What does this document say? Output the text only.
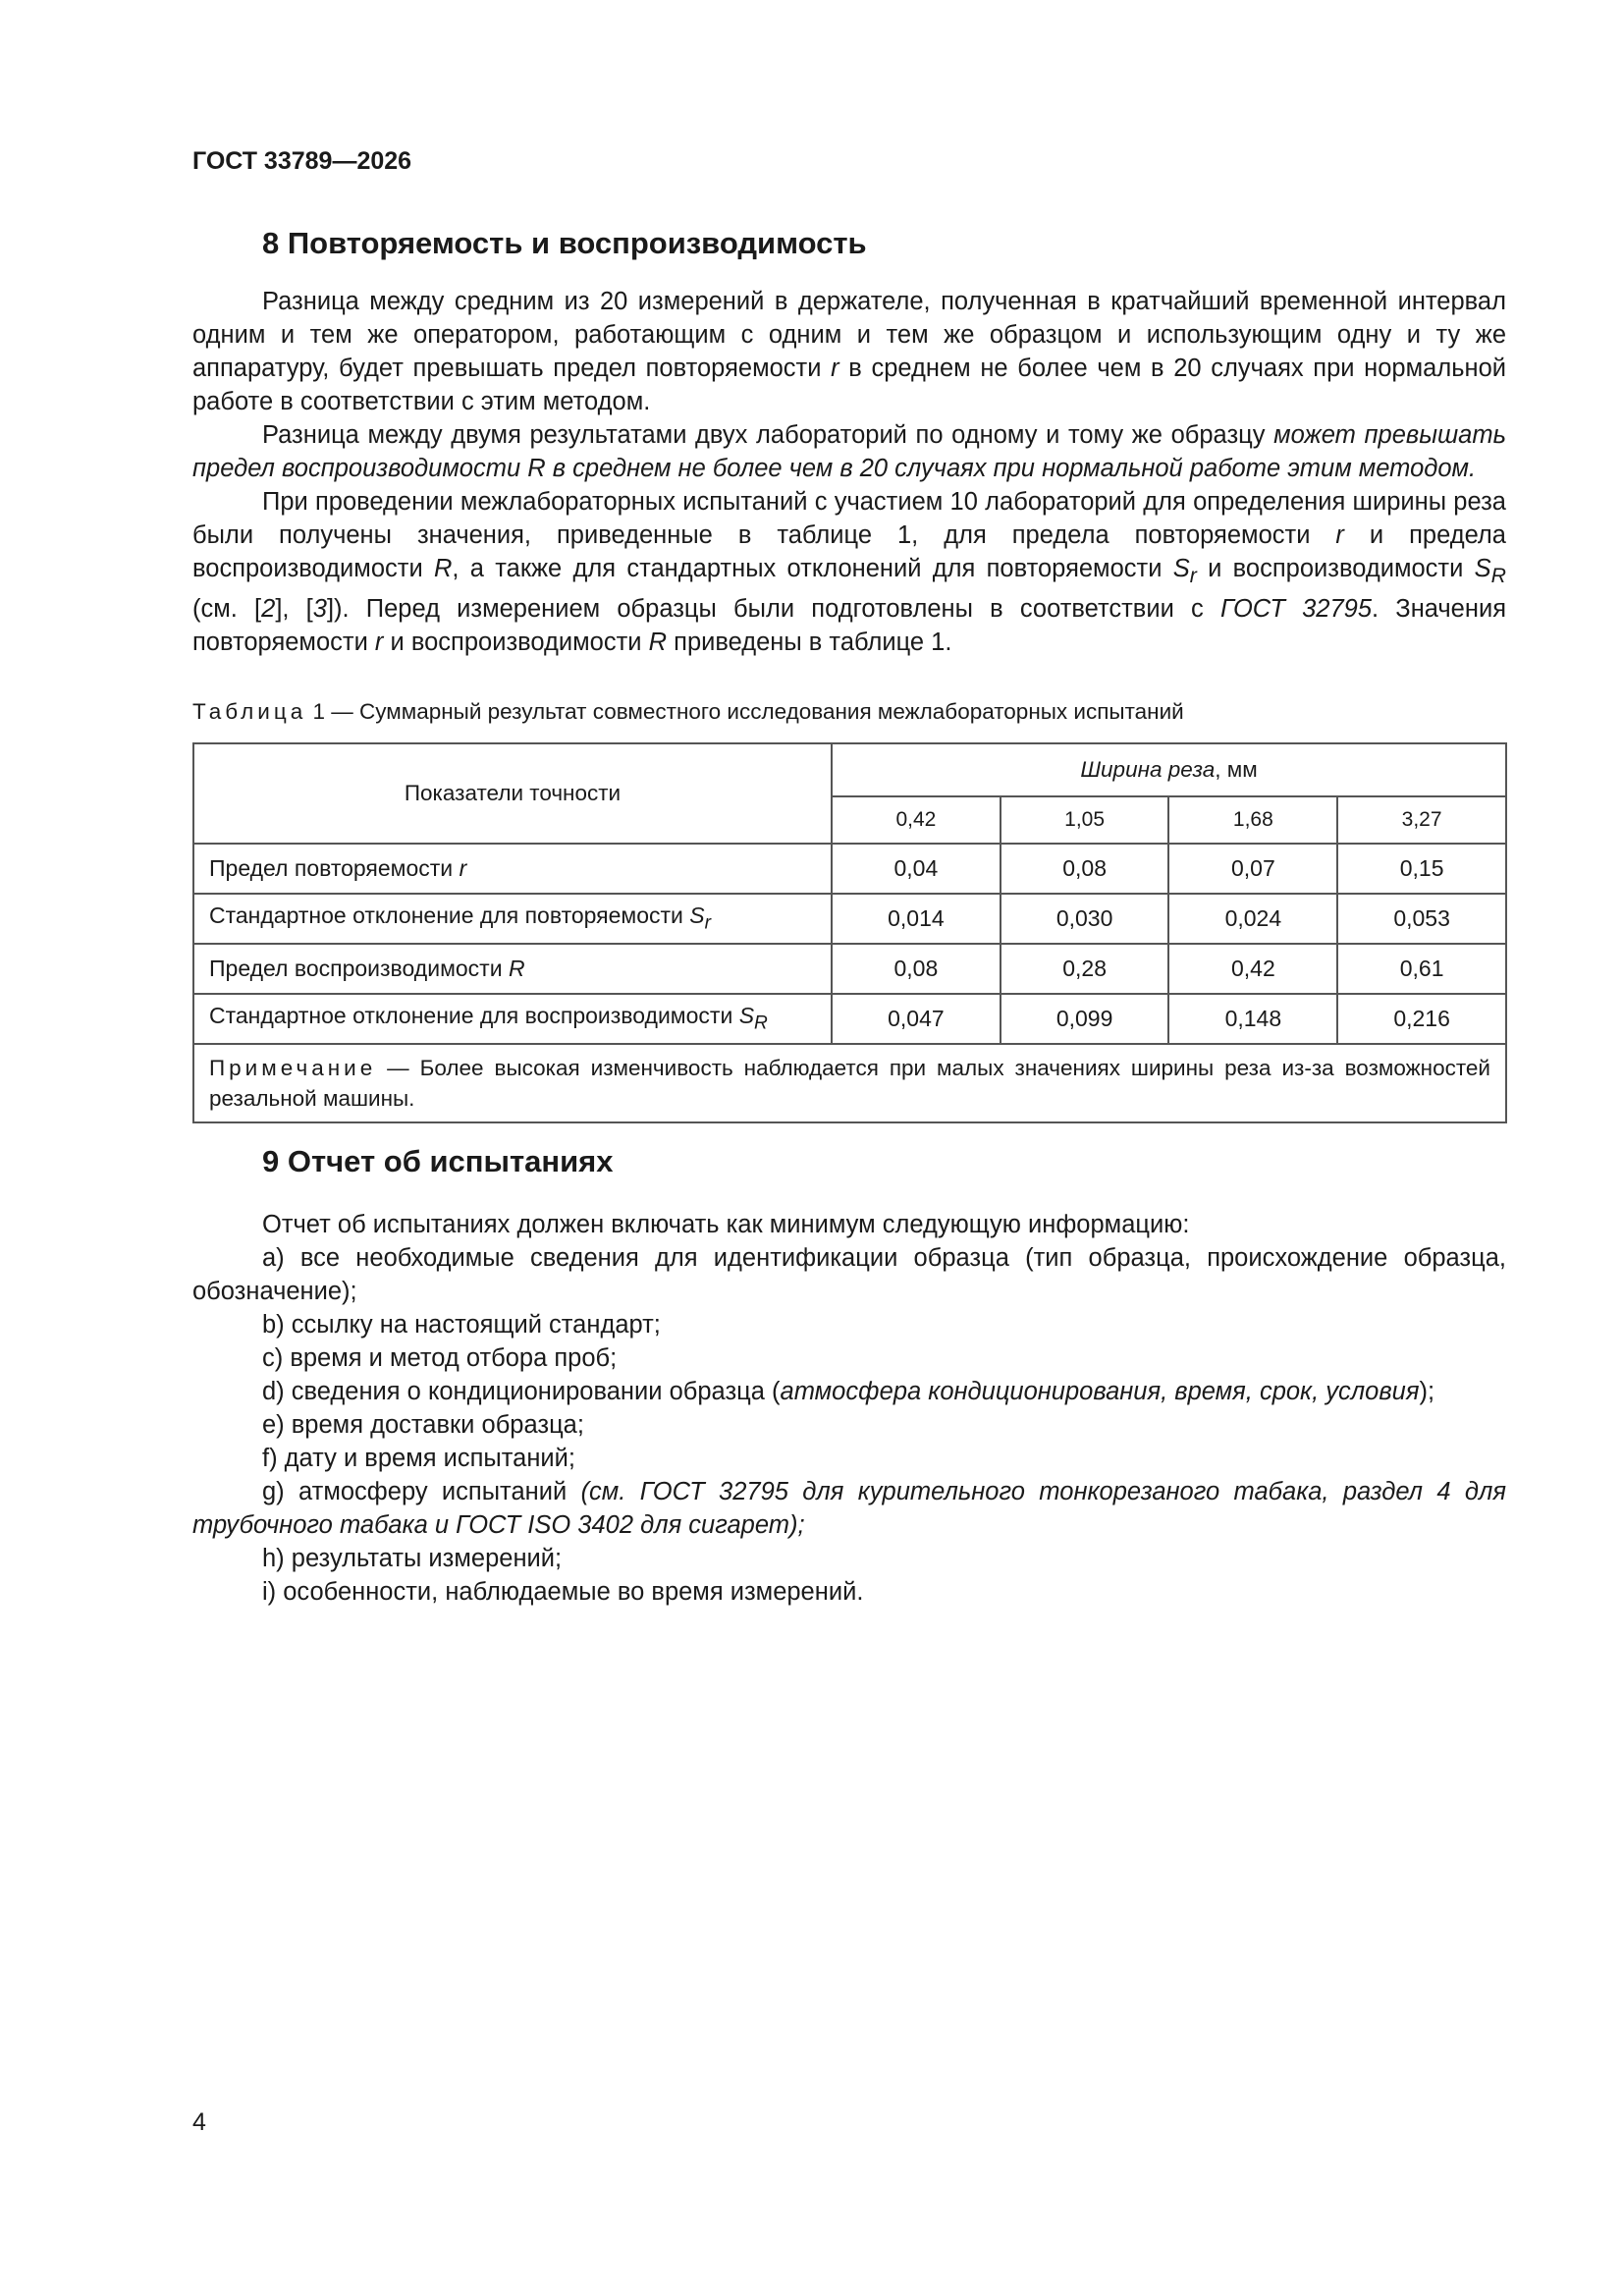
ГОСТ 33789—2026

8 Повторяемость и воспроизводимость

Разница между средним из 20 измерений в держателе, полученная в кратчайший временной интервал одним и тем же оператором, работающим с одним и тем же образцом и использующим одну и ту же аппаратуру, будет превышать предел повторяемости r в среднем не более чем в 20 случаях при нормальной работе в соответствии с этим методом.

Разница между двумя результатами двух лабораторий по одному и тому же образцу может превышать предел воспроизводимости R в среднем не более чем в 20 случаях при нормальной работе этим методом.

При проведении межлабораторных испытаний с участием 10 лабораторий для определения ширины реза были получены значения, приведенные в таблице 1, для предела повторяемости r и предела воспроизводимости R, а также для стандартных отклонений для повторяемости $S_r$ и воспроизводимости $S_R$ (см. [2], [3]). Перед измерением образцы были подготовлены в соответствии с ГОСТ 32795. Значения повторяемости r и воспроизводимости R приведены в таблице 1.

Таблица 1 — Суммарный результат совместного исследования межлабораторных испытаний

Показатели точности	Ширина реза, мм			
	0,42	1,05	1,68	3,27
Предел повторяемости r	0,04	0,08	0,07	0,15
Стандартное отклонение для повторяемости $S_r$	0,014	0,030	0,024	0,053
Предел воспроизводимости R	0,08	0,28	0,42	0,61
Стандартное отклонение для воспроизводимости $S_R$	0,047	0,099	0,148	0,216
Примечание — Более высокая изменчивость наблюдается при малых значениях ширины реза из-за возможностей резальной машины.				
9 Отчет об испытаниях

Отчет об испытаниях должен включать как минимум следующую информацию:

a) все необходимые сведения для идентификации образца (тип образца, происхождение образца, обозначение);

b) ссылку на настоящий стандарт;

c) время и метод отбора проб;

d) сведения о кондиционировании образца (атмосфера кондиционирования, время, срок, условия);

e) время доставки образца;

f) дату и время испытаний;

g) атмосферу испытаний (см. ГОСТ 32795 для курительного тонкорезаного табака, раздел 4 для трубочного табака и ГОСТ ISO 3402 для сигарет);

h) результаты измерений;

i) особенности, наблюдаемые во время измерений.

4
